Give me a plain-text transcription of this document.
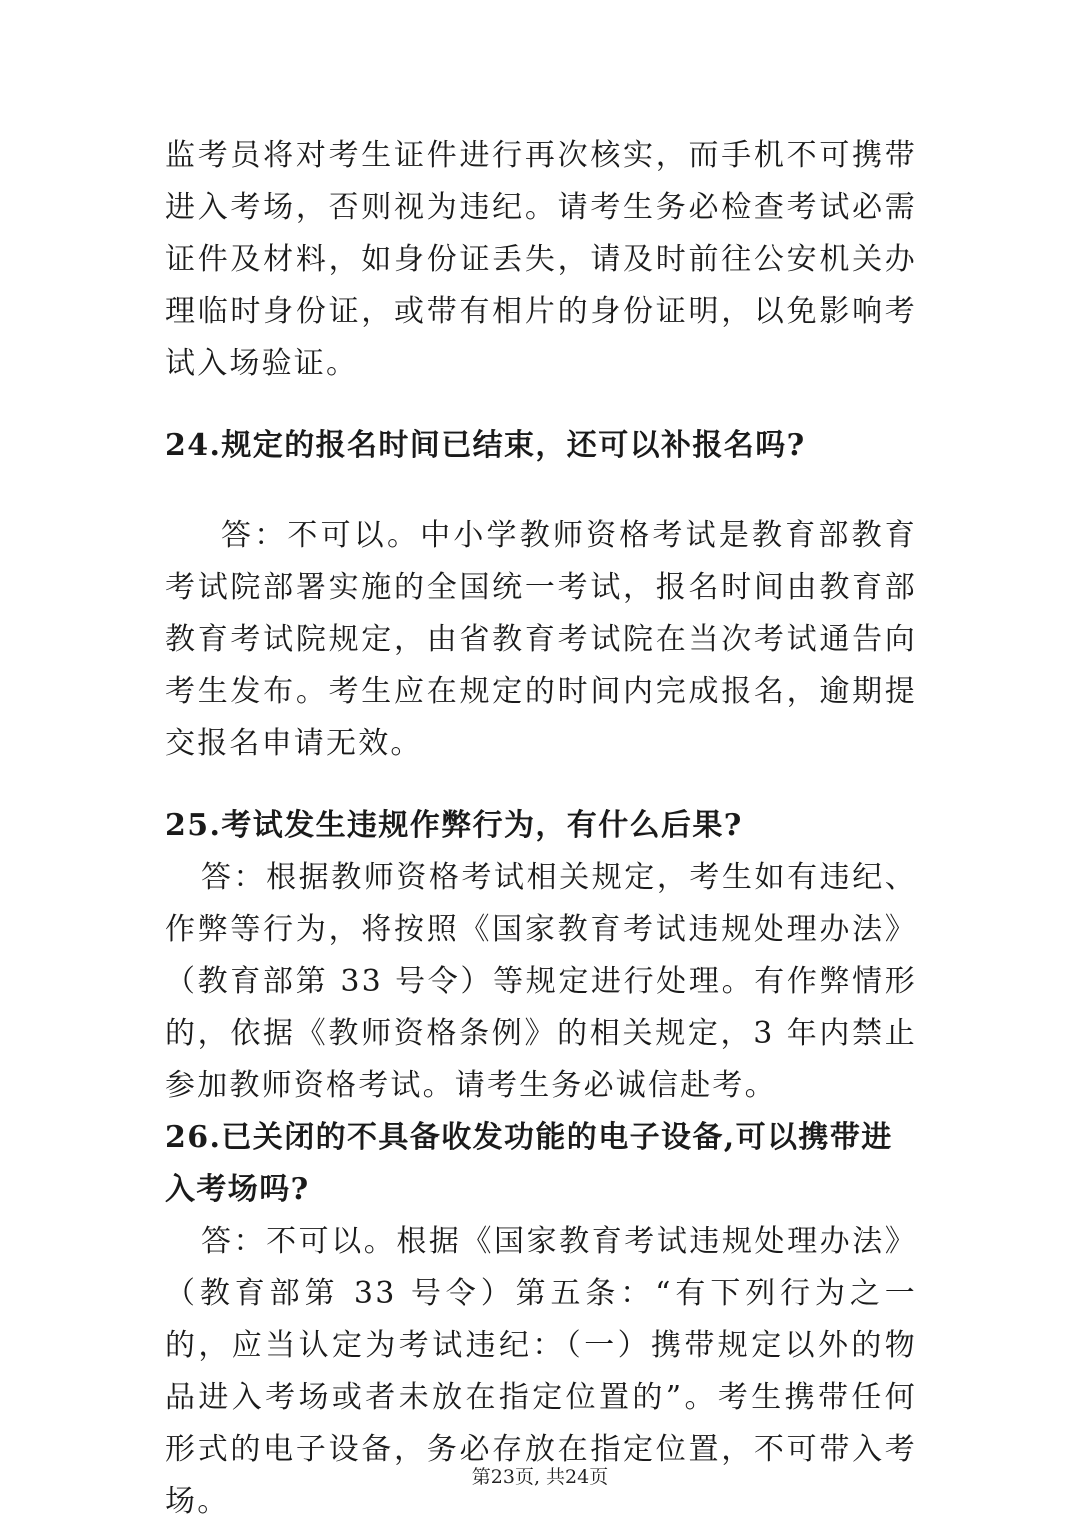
监考员将对考生证件进行再次核实，而手机不可携带进入考场，否则视为违纪。请考生务必检查考试必需证件及材料，如身份证丢失，请及时前往公安机关办理临时身份证，或带有相片的身份证明，以免影响考试入场验证。

24.规定的报名时间已结束，还可以补报名吗?

答：不可以。中小学教师资格考试是教育部教育考试院部署实施的全国统一考试，报名时间由教育部教育考试院规定，由省教育考试院在当次考试通告向考生发布。考生应在规定的时间内完成报名，逾期提交报名申请无效。

25.考试发生违规作弊行为，有什么后果?

答：根据教师资格考试相关规定，考生如有违纪、作弊等行为，将按照《国家教育考试违规处理办法》（教育部第 33 号令）等规定进行处理。有作弊情形的，依据《教师资格条例》的相关规定，3 年内禁止参加教师资格考试。请考生务必诚信赴考。

26.已关闭的不具备收发功能的电子设备,可以携带进入考场吗?

答：不可以。根据《国家教育考试违规处理办法》（教育部第 33 号令）第五条：“有下列行为之一的，应当认定为考试违纪：（一）携带规定以外的物品进入考场或者未放在指定位置的”。考生携带任何形式的电子设备，务必存放在指定位置，不可带入考场。

第23页, 共24页
